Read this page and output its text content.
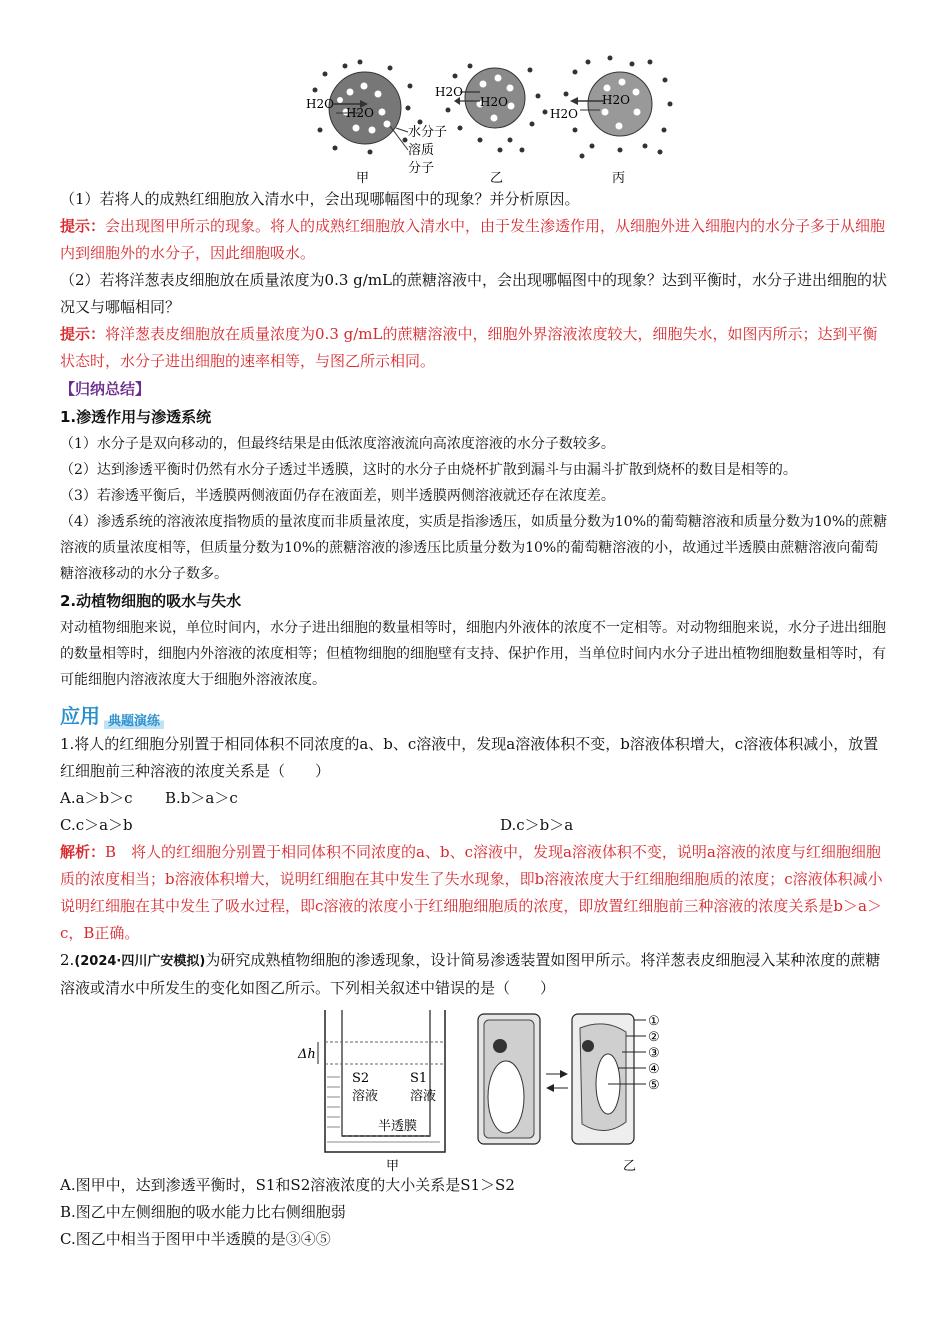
H2O
H2O
水分子
溶质
分子
甲
H2O
H2O
乙
H2O
H2O
丙

（1）若将人的成熟红细胞放入清水中，会出现哪幅图中的现象？并分析原因。

提示：会出现图甲所示的现象。将人的成熟红细胞放入清水中，由于发生渗透作用，从细胞外进入细胞内的水分子多于从细胞内到细胞外的水分子，因此细胞吸水。

（2）若将洋葱表皮细胞放在质量浓度为0.3 g/mL的蔗糖溶液中，会出现哪幅图中的现象？达到平衡时，水分子进出细胞的状况又与哪幅相同？

提示：将洋葱表皮细胞放在质量浓度为0.3 g/mL的蔗糖溶液中，细胞外界溶液浓度较大，细胞失水，如图丙所示；达到平衡状态时，水分子进出细胞的速率相等，与图乙所示相同。

【归纳总结】

1.渗透作用与渗透系统

（1）水分子是双向移动的，但最终结果是由低浓度溶液流向高浓度溶液的水分子数较多。

（2）达到渗透平衡时仍然有水分子透过半透膜，这时的水分子由烧杯扩散到漏斗与由漏斗扩散到烧杯的数目是相等的。

（3）若渗透平衡后，半透膜两侧液面仍存在液面差，则半透膜两侧溶液就还存在浓度差。

（4）渗透系统的溶液浓度指物质的量浓度而非质量浓度，实质是指渗透压，如质量分数为10%的葡萄糖溶液和质量分数为10%的蔗糖溶液的质量浓度相等，但质量分数为10%的蔗糖溶液的渗透压比质量分数为10%的葡萄糖溶液的小，故通过半透膜由蔗糖溶液向葡萄糖溶液移动的水分子数多。

2.动植物细胞的吸水与失水

对动植物细胞来说，单位时间内，水分子进出细胞的数量相等时，细胞内外液体的浓度不一定相等。对动物细胞来说，水分子进出细胞的数量相等时，细胞内外溶液的浓度相等；但植物细胞的细胞壁有支持、保护作用，当单位时间内水分子进出植物细胞数量相等时，有可能细胞内溶液浓度大于细胞外溶液浓度。

应用 典题演练

1.将人的红细胞分别置于相同体积不同浓度的a、b、c溶液中，发现a溶液体积不变，b溶液体积增大，c溶液体积减小，放置红细胞前三种溶液的浓度关系是（　　）

A.a＞b＞c	B.b＞a＞c
C.c＞a＞b	D.c＞b＞a

解析：B　将人的红细胞分别置于相同体积不同浓度的a、b、c溶液中，发现a溶液体积不变，说明a溶液的浓度与红细胞细胞质的浓度相当；b溶液体积增大，说明红细胞在其中发生了失水现象，即b溶液浓度大于红细胞细胞质的浓度；c溶液体积减小说明红细胞在其中发生了吸水过程，即c溶液的浓度小于红细胞细胞质的浓度，即放置红细胞前三种溶液的浓度关系是b＞a＞c，B正确。

2.(2024·四川广安模拟)为研究成熟植物细胞的渗透现象，设计简易渗透装置如图甲所示。将洋葱表皮细胞浸入某种浓度的蔗糖溶液或清水中所发生的变化如图乙所示。下列相关叙述中错误的是（　　）

Δh
S2
溶液
S1
溶液
半透膜
甲	乙
①
②
③
④
⑤

A.图甲中，达到渗透平衡时，S1和S2溶液浓度的大小关系是S1＞S2

B.图乙中左侧细胞的吸水能力比右侧细胞弱

C.图乙中相当于图甲中半透膜的是③④⑤
